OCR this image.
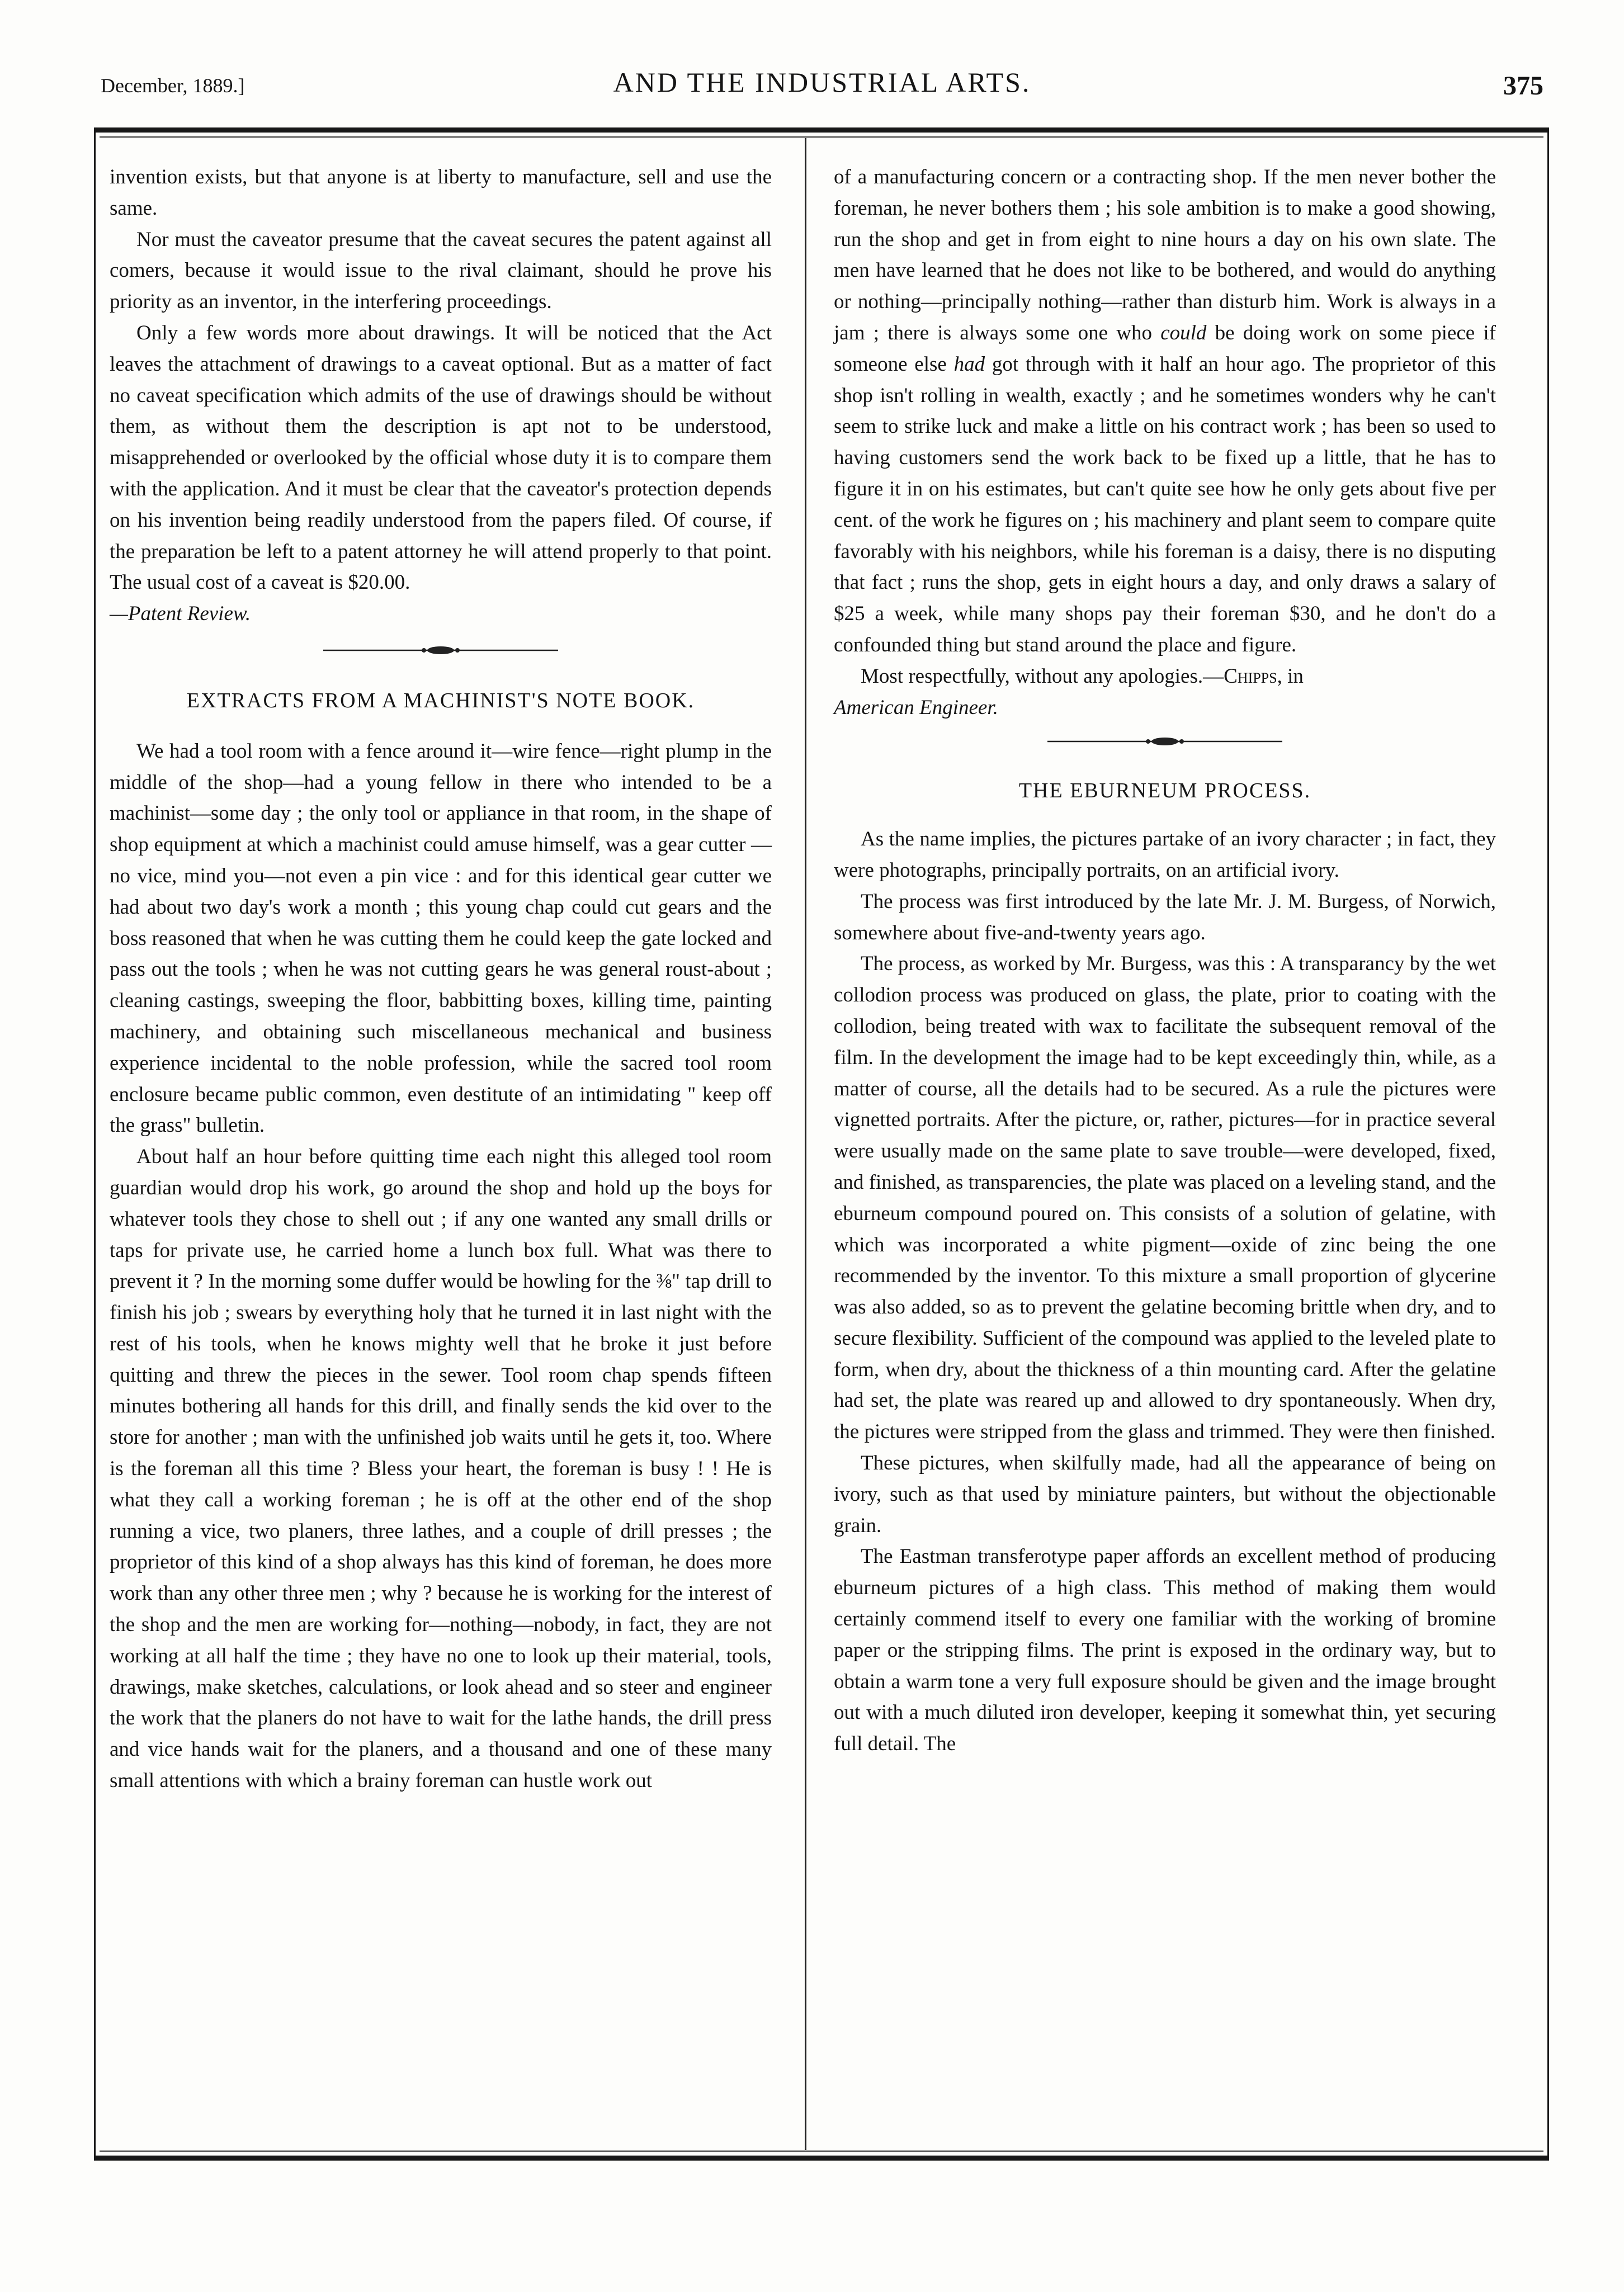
December, 1889.]	AND THE INDUSTRIAL ARTS.	375

invention exists, but that anyone is at liberty to manufacture, sell and use the same.

Nor must the caveator presume that the caveat secures the patent against all comers, because it would issue to the rival claimant, should he prove his priority as an inventor, in the interfering proceedings.

Only a few words more about drawings. It will be noticed that the Act leaves the attachment of drawings to a caveat optional. But as a matter of fact no caveat specification which admits of the use of drawings should be without them, as without them the description is apt not to be understood, misapprehended or overlooked by the official whose duty it is to compare them with the application. And it must be clear that the caveator's protection depends on his invention being readily understood from the papers filed. Of course, if the preparation be left to a patent attorney he will attend properly to that point. The usual cost of a caveat is $20.00.
—Patent Review.

EXTRACTS FROM A MACHINIST'S NOTE BOOK.

We had a tool room with a fence around it—wire fence—right plump in the middle of the shop—had a young fellow in there who intended to be a machinist—some day ; the only tool or appliance in that room, in the shape of shop equipment at which a machinist could amuse himself, was a gear cutter —no vice, mind you—not even a pin vice : and for this identical gear cutter we had about two day's work a month ; this young chap could cut gears and the boss reasoned that when he was cutting them he could keep the gate locked and pass out the tools ; when he was not cutting gears he was general roust-about ; cleaning castings, sweeping the floor, babbitting boxes, killing time, painting machinery, and obtaining such miscellaneous mechanical and business experience incidental to the noble profession, while the sacred tool room enclosure became public common, even destitute of an intimidating " keep off the grass" bulletin.

About half an hour before quitting time each night this alleged tool room guardian would drop his work, go around the shop and hold up the boys for whatever tools they chose to shell out ; if any one wanted any small drills or taps for private use, he carried home a lunch box full. What was there to prevent it ? In the morning some duffer would be howling for the ⅜" tap drill to finish his job ; swears by everything holy that he turned it in last night with the rest of his tools, when he knows mighty well that he broke it just before quitting and threw the pieces in the sewer. Tool room chap spends fifteen minutes bothering all hands for this drill, and finally sends the kid over to the store for another ; man with the unfinished job waits until he gets it, too. Where is the foreman all this time ? Bless your heart, the foreman is busy ! ! He is what they call a working foreman ; he is off at the other end of the shop running a vice, two planers, three lathes, and a couple of drill presses ; the proprietor of this kind of a shop always has this kind of foreman, he does more work than any other three men ; why ? because he is working for the interest of the shop and the men are working for—nothing—nobody, in fact, they are not working at all half the time ; they have no one to look up their material, tools, drawings, make sketches, calculations, or look ahead and so steer and engineer the work that the planers do not have to wait for the lathe hands, the drill press and vice hands wait for the planers, and a thousand and one of these many small attentions with which a brainy foreman can hustle work out

of a manufacturing concern or a contracting shop. If the men never bother the foreman, he never bothers them ; his sole ambition is to make a good showing, run the shop and get in from eight to nine hours a day on his own slate. The men have learned that he does not like to be bothered, and would do anything or nothing—principally nothing—rather than disturb him. Work is always in a jam ; there is always some one who could be doing work on some piece if someone else had got through with it half an hour ago. The proprietor of this shop isn't rolling in wealth, exactly ; and he sometimes wonders why he can't seem to strike luck and make a little on his contract work ; has been so used to having customers send the work back to be fixed up a little, that he has to figure it in on his estimates, but can't quite see how he only gets about five per cent. of the work he figures on ; his machinery and plant seem to compare quite favorably with his neighbors, while his foreman is a daisy, there is no disputing that fact ; runs the shop, gets in eight hours a day, and only draws a salary of $25 a week, while many shops pay their foreman $30, and he don't do a confounded thing but stand around the place and figure.

Most respectfully, without any apologies.—Chipps, in
American Engineer.

THE EBURNEUM PROCESS.

As the name implies, the pictures partake of an ivory character ; in fact, they were photographs, principally portraits, on an artificial ivory.

The process was first introduced by the late Mr. J. M. Burgess, of Norwich, somewhere about five-and-twenty years ago.

The process, as worked by Mr. Burgess, was this : A transparancy by the wet collodion process was produced on glass, the plate, prior to coating with the collodion, being treated with wax to facilitate the subsequent removal of the film. In the development the image had to be kept exceedingly thin, while, as a matter of course, all the details had to be secured. As a rule the pictures were vignetted portraits. After the picture, or, rather, pictures—for in practice several were usually made on the same plate to save trouble—were developed, fixed, and finished, as transparencies, the plate was placed on a leveling stand, and the eburneum compound poured on. This consists of a solution of gelatine, with which was incorporated a white pigment—oxide of zinc being the one recommended by the inventor. To this mixture a small proportion of glycerine was also added, so as to prevent the gelatine becoming brittle when dry, and to secure flexibility. Sufficient of the compound was applied to the leveled plate to form, when dry, about the thickness of a thin mounting card. After the gelatine had set, the plate was reared up and allowed to dry spontaneously. When dry, the pictures were stripped from the glass and trimmed. They were then finished.

These pictures, when skilfully made, had all the appearance of being on ivory, such as that used by miniature painters, but without the objectionable grain.

The Eastman transferotype paper affords an excellent method of producing eburneum pictures of a high class. This method of making them would certainly commend itself to every one familiar with the working of bromine paper or the stripping films. The print is exposed in the ordinary way, but to obtain a warm tone a very full exposure should be given and the image brought out with a much diluted iron developer, keeping it somewhat thin, yet securing full detail. The
